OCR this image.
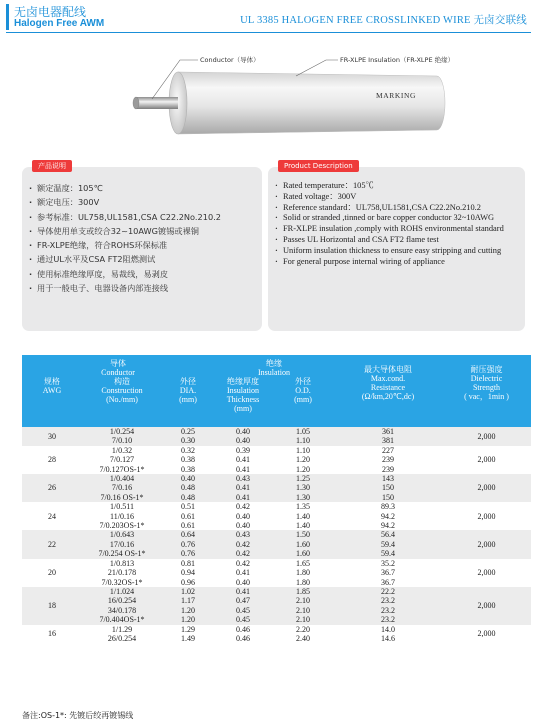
无卤电器配线
Halogen Free AWM	UL 3385 HALOGEN FREE CROSSLINKED WIRE 无卤交联线
Conductor（导体）	FR-XLPE Insulation（FR-XLPE 绝缘）
MARKING
产品说明
· 额定温度：105℃
· 额定电压：300V
· 参考标准：UL758,UL1581,CSA C22.2No.210.2
· 导体使用单支或绞合32~10AWG镀锡或裸铜
· FR-XLPE绝缘，符合ROHS环保标准
· 通过UL水平及CSA FT2阻燃测试
· 使用标准绝缘厚度，易裁线，易剥皮
· 用于一般电子、电器设备内部连接线
Product Description
· Rated temperature：105℃
· Rated voltage：300V
· Reference standard：UL758,UL1581,CSA C22.2No.210.2
· Solid or stranded ,tinned or bare copper conductor 32~10AWG
· FR-XLPE insulation ,comply with ROHS environmental standard
· Passes UL Horizontal and CSA FT2 flame test
· Uniform insulation thickness to ensure easy stripping and cutting
· For general purpose internal wiring of appliance
导体
Conductor			绝缘
Insulation		最大导体电阻
Max.cond.
Resistance
(Ω/km,20℃,dc)	耐压强度
Dielectric
Strength
( vac，1min )

规格
AWG	构造
Construction
(No./mm)	外径
DIA.
(mm)	绝缘厚度
Insulation
Thickness
(mm)	外径
O.D.
(mm)		

30	1/0.254	0.25	0.40	1.05	361	2,000
	7/0.10	0.30	0.40	1.10	381	
28	1/0.32	0.32	0.39	1.10	227	2,000
	7/0.127	0.38	0.41	1.20	239	
	7/0.127OS-1*	0.38	0.41	1.20	239	
26	1/0.404	0.40	0.43	1.25	143	2,000
	7/0.16	0.48	0.41	1.30	150	
	7/0.16 OS-1*	0.48	0.41	1.30	150	
24	1/0.511	0.51	0.42	1.35	89.3	2,000
	11/0.16	0.61	0.40	1.40	94.2	
	7/0.203OS-1*	0.61	0.40	1.40	94.2	
22	1/0.643	0.64	0.43	1.50	56.4	2,000
	17/0.16	0.76	0.42	1.60	59.4	
	7/0.254 OS-1*	0.76	0.42	1.60	59.4	
20	1/0.813	0.81	0.42	1.65	35.2	2,000
	21/0.178	0.94	0.41	1.80	36.7	
	7/0.32OS-1*	0.96	0.40	1.80	36.7	
18	1/1.024	1.02	0.41	1.85	22.2	2,000
	16/0.254	1.17	0.47	2.10	23.2	
	34/0.178	1.20	0.45	2.10	23.2	
	7/0.404OS-1*	1.20	0.45	2.10	23.2	
16	1/1.29	1.29	0.46	2.20	14.0	2,000
	26/0.254	1.49	0.46	2.40	14.6	
备注:OS-1*: 先镀后绞再镀锡线
